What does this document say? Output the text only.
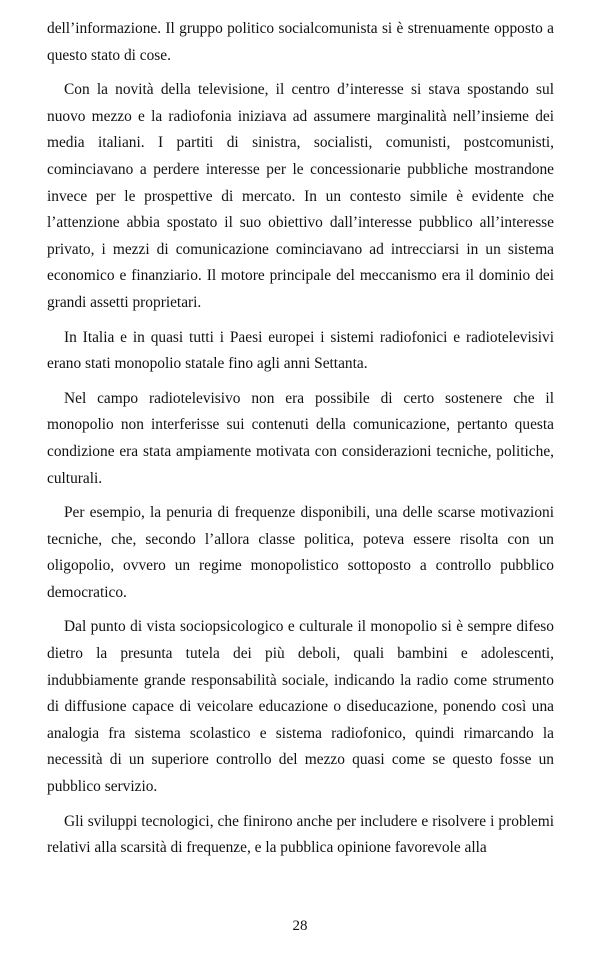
dell’informazione. Il gruppo politico socialcomunista si è strenuamente opposto a questo stato di cose.

Con la novità della televisione, il centro d’interesse si stava spostando sul nuovo mezzo e la radiofonia iniziava ad assumere marginalità nell’insieme dei media italiani. I partiti di sinistra, socialisti, comunisti, postcomunisti, cominciavano a perdere interesse per le concessionarie pubbliche mostrandone invece per le prospettive di mercato. In un contesto simile è evidente che l’attenzione abbia spostato il suo obiettivo dall’interesse pubblico all’interesse privato, i mezzi di comunicazione cominciavano ad intrecciarsi in un sistema economico e finanziario. Il motore principale del meccanismo era il dominio dei grandi assetti proprietari.

In Italia e in quasi tutti i Paesi europei i sistemi radiofonici e radiotelevisivi erano stati monopolio statale fino agli anni Settanta.

Nel campo radiotelevisivo non era possibile di certo sostenere che il monopolio non interferisse sui contenuti della comunicazione, pertanto questa condizione era stata ampiamente motivata con considerazioni tecniche, politiche, culturali.

Per esempio, la penuria di frequenze disponibili, una delle scarse motivazioni tecniche, che, secondo l’allora classe politica, poteva essere risolta con un oligopolio, ovvero un regime monopolistico sottoposto a controllo pubblico democratico.

Dal punto di vista sociopsicologico e culturale il monopolio si è sempre difeso dietro la presunta tutela dei più deboli, quali bambini e adolescenti, indubbiamente grande responsabilità sociale, indicando la radio come strumento di diffusione capace di veicolare educazione o diseducazione, ponendo così una analogia fra sistema scolastico e sistema radiofonico, quindi rimarcando la necessità di un superiore controllo del mezzo quasi come se questo fosse un pubblico servizio.

Gli sviluppi tecnologici, che finirono anche per includere e risolvere i problemi relativi alla scarsità di frequenze, e la pubblica opinione favorevole alla

28
